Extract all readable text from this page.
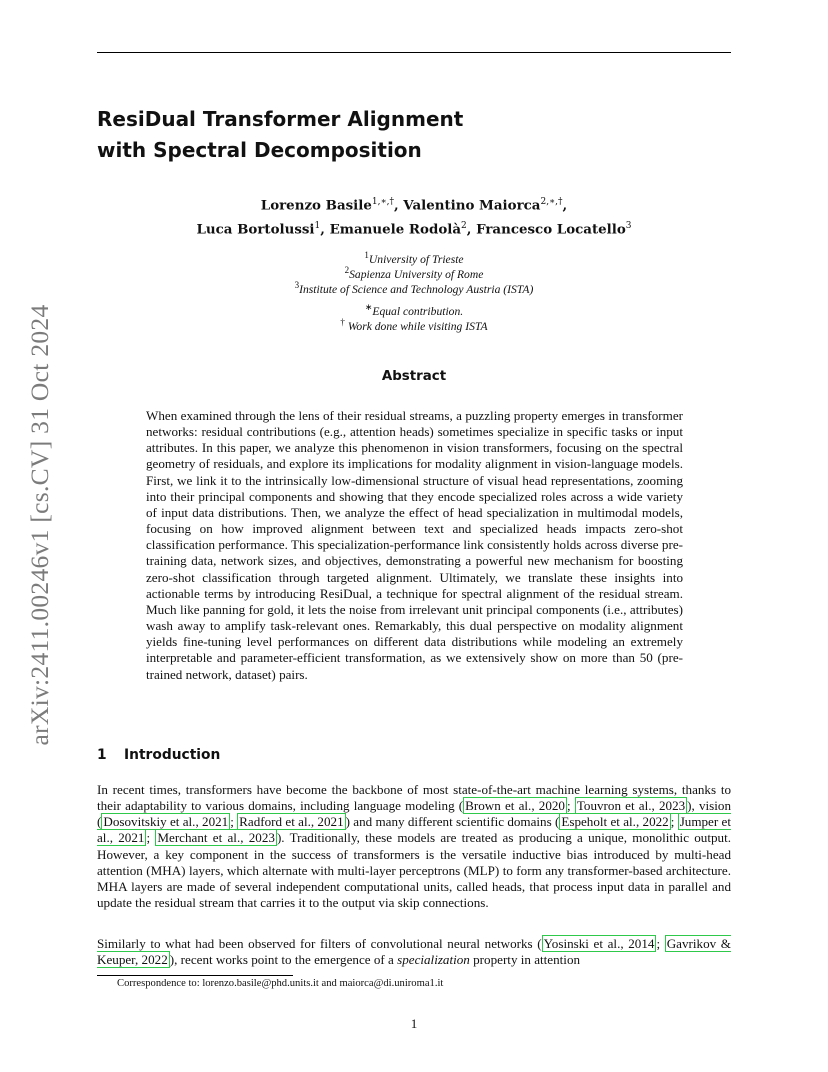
arXiv:2411.00246v1 [cs.CV] 31 Oct 2024
ResiDual Transformer Alignment
with Spectral Decomposition
Lorenzo Basile$^{1,∗,\dagger}$, Valentino Maiorca$^{2,∗,\dagger}$,
Luca Bortolussi$^1$, Emanuele Rodolà$^2$, Francesco Locatello$^3$
$^1$University of Trieste
$^2$Sapienza University of Rome
$^3$Institute of Science and Technology Austria (ISTA)
∗Equal contribution.
† Work done while visiting ISTA
Abstract
When examined through the lens of their residual streams, a puzzling property emerges in transformer networks: residual contributions (e.g., attention heads) sometimes specialize in specific tasks or input attributes. In this paper, we analyze this phenomenon in vision transformers, focusing on the spectral geometry of residuals, and explore its implications for modality alignment in vision-language models. First, we link it to the intrinsically low-dimensional structure of visual head representations, zooming into their principal components and showing that they encode specialized roles across a wide variety of input data distributions. Then, we analyze the effect of head specialization in multimodal models, focusing on how improved alignment between text and specialized heads impacts zero-shot classification performance. This specialization-performance link consistently holds across diverse pre-training data, network sizes, and objectives, demonstrating a powerful new mechanism for boosting zero-shot classification through targeted alignment. Ultimately, we translate these insights into actionable terms by introducing ResiDual, a technique for spectral alignment of the residual stream. Much like panning for gold, it lets the noise from irrelevant unit principal components (i.e., attributes) wash away to amplify task-relevant ones. Remarkably, this dual perspective on modality alignment yields fine-tuning level performances on different data distributions while modeling an extremely interpretable and parameter-efficient transformation, as we extensively show on more than 50 (pre-trained network, dataset) pairs.
1 Introduction
In recent times, transformers have become the backbone of most state-of-the-art machine learning systems, thanks to their adaptability to various domains, including language modeling ( Brown et al., 2020 ; Touvron et al., 2023 ), vision ( Dosovitskiy et al., 2021 ; Radford et al., 2021 ) and many different scientific domains ( Espeholt et al., 2022 ; Jumper et al., 2021 ; Merchant et al., 2023 ). Traditionally, these models are treated as producing a unique, monolithic output. However, a key component in the success of transformers is the versatile inductive bias introduced by multi-head attention (MHA) layers, which alternate with multi-layer perceptrons (MLP) to form any transformer-based architecture. MHA layers are made of several independent computational units, called heads, that process input data in parallel and update the residual stream that carries it to the output via skip connections.
Similarly to what had been observed for filters of convolutional neural networks ( Yosinski et al., 2014 ; Gavrikov & Keuper, 2022 ), recent works point to the emergence of a specialization property in attention
Correspondence to: lorenzo.basile@phd.units.it and maiorca@di.uniroma1.it
1
